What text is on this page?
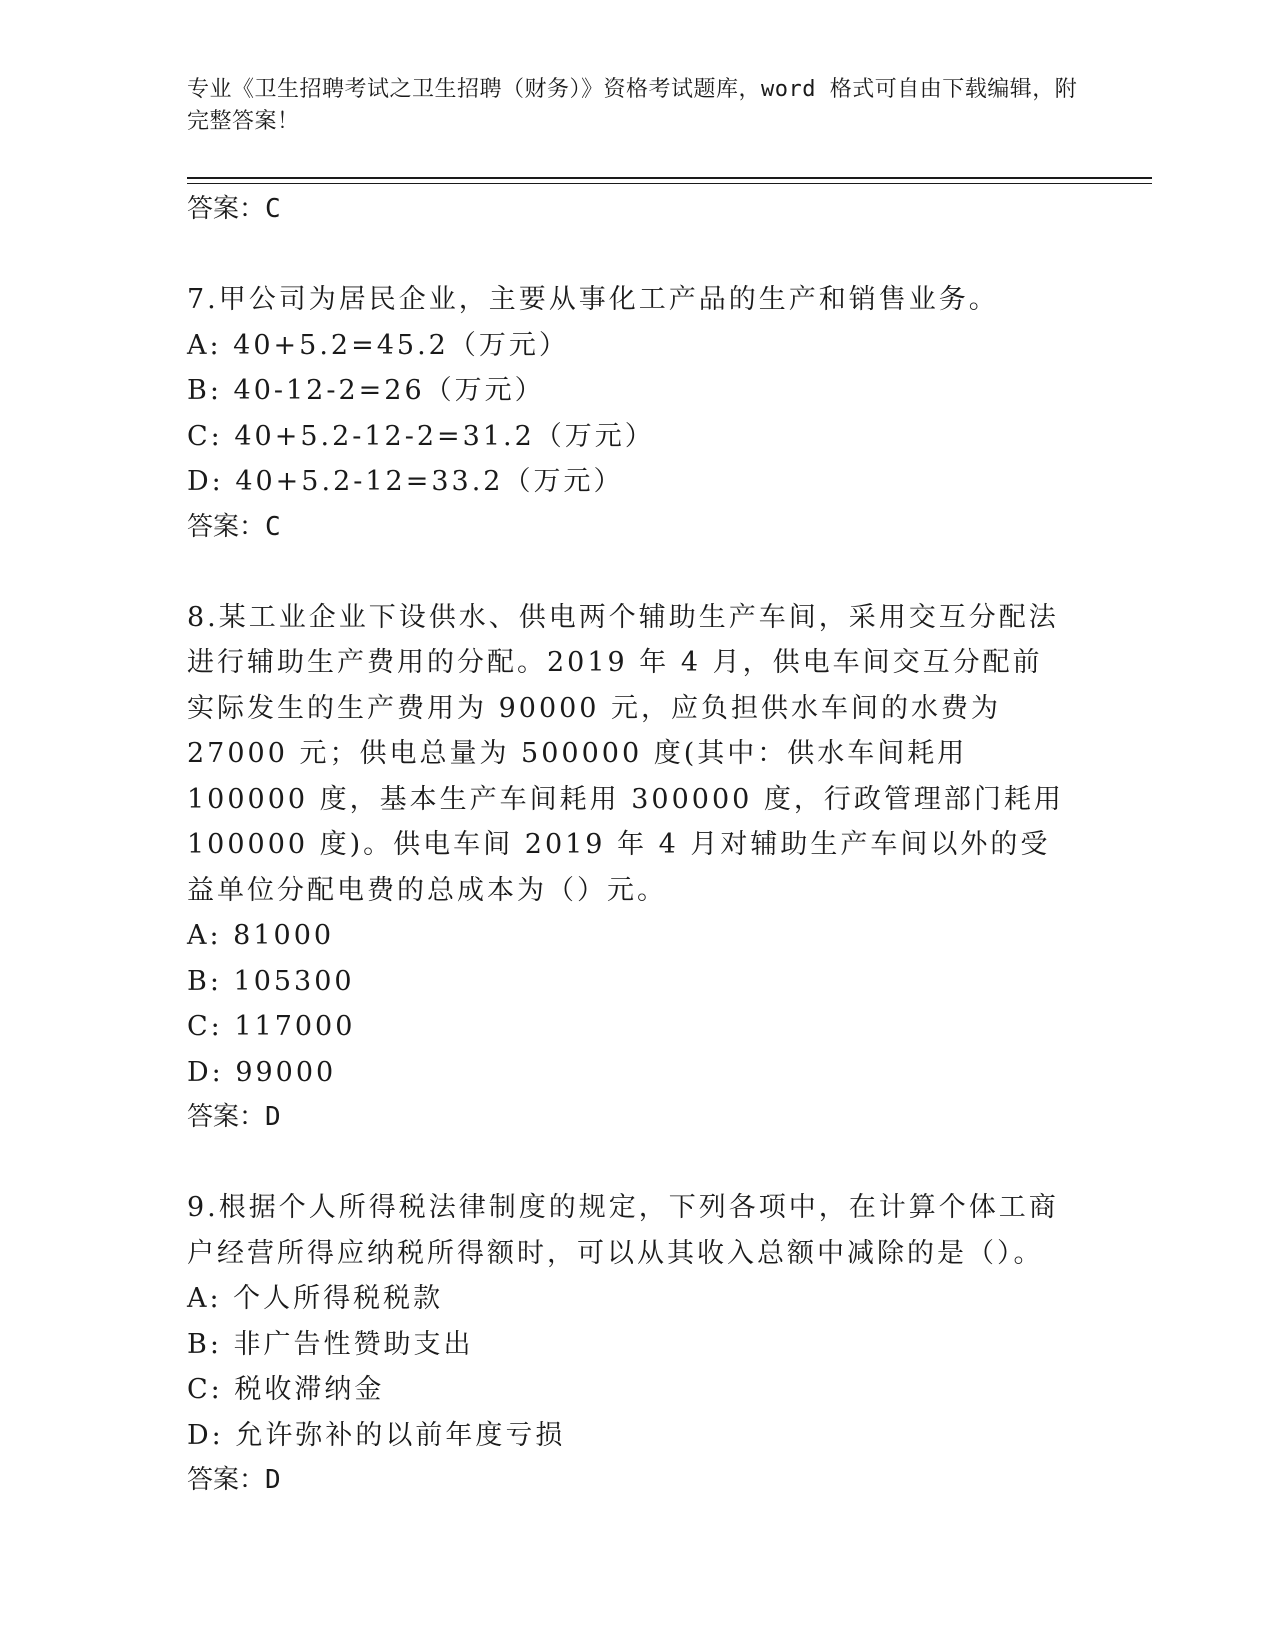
专业《卫生招聘考试之卫生招聘（财务）》资格考试题库，word 格式可自由下载编辑，附完整答案！
答案：C
7.甲公司为居民企业，主要从事化工产品的生产和销售业务。
A: 40+5.2=45.2（万元）
B: 40-12-2=26（万元）
C: 40+5.2-12-2=31.2（万元）
D: 40+5.2-12=33.2（万元）
答案：C
8.某工业企业下设供水、供电两个辅助生产车间，采用交互分配法进行辅助生产费用的分配。2019 年 4 月，供电车间交互分配前实际发生的生产费用为 90000 元，应负担供水车间的水费为 27000 元；供电总量为 500000 度(其中：供水车间耗用 100000 度，基本生产车间耗用 300000 度，行政管理部门耗用 100000 度)。供电车间 2019 年 4 月对辅助生产车间以外的受益单位分配电费的总成本为（）元。
A: 81000
B: 105300
C: 117000
D: 99000
答案：D
9.根据个人所得税法律制度的规定，下列各项中，在计算个体工商户经营所得应纳税所得额时，可以从其收入总额中减除的是（）。
A: 个人所得税税款
B: 非广告性赞助支出
C: 税收滞纳金
D: 允许弥补的以前年度亏损
答案：D
